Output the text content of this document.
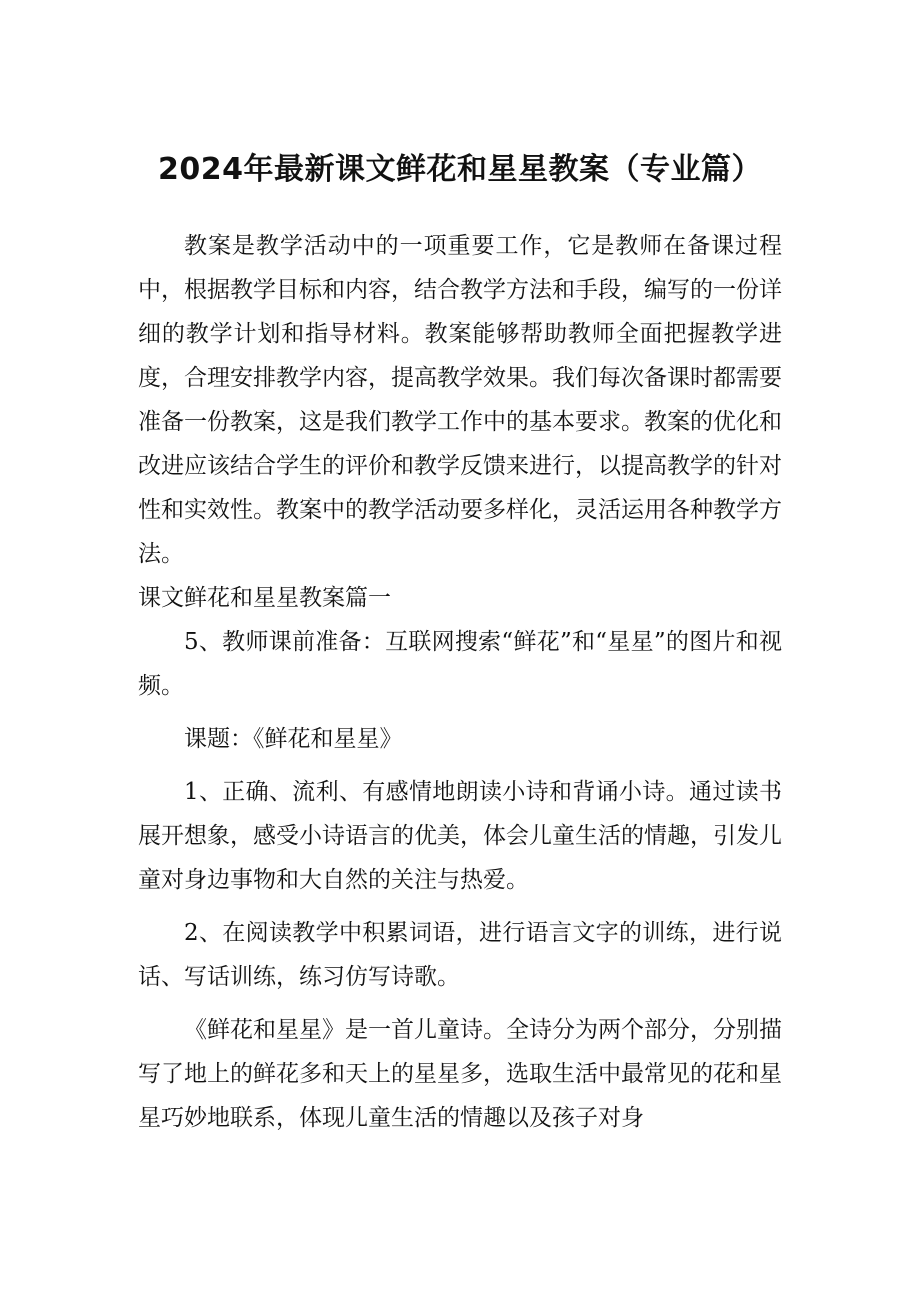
2024年最新课文鲜花和星星教案（专业篇）

教案是教学活动中的一项重要工作，它是教师在备课过程中，根据教学目标和内容，结合教学方法和手段，编写的一份详细的教学计划和指导材料。教案能够帮助教师全面把握教学进度，合理安排教学内容，提高教学效果。我们每次备课时都需要准备一份教案，这是我们教学工作中的基本要求。教案的优化和改进应该结合学生的评价和教学反馈来进行，以提高教学的针对性和实效性。教案中的教学活动要多样化，灵活运用各种教学方法。

课文鲜花和星星教案篇一

5、教师课前准备：互联网搜索“鲜花”和“星星”的图片和视频。

课题：《鲜花和星星》

1、正确、流利、有感情地朗读小诗和背诵小诗。通过读书展开想象，感受小诗语言的优美，体会儿童生活的情趣，引发儿童对身边事物和大自然的关注与热爱。

2、在阅读教学中积累词语，进行语言文字的训练，进行说话、写话训练，练习仿写诗歌。

《鲜花和星星》是一首儿童诗。全诗分为两个部分，分别描写了地上的鲜花多和天上的星星多，选取生活中最常见的花和星星巧妙地联系，体现儿童生活的情趣以及孩子对身
